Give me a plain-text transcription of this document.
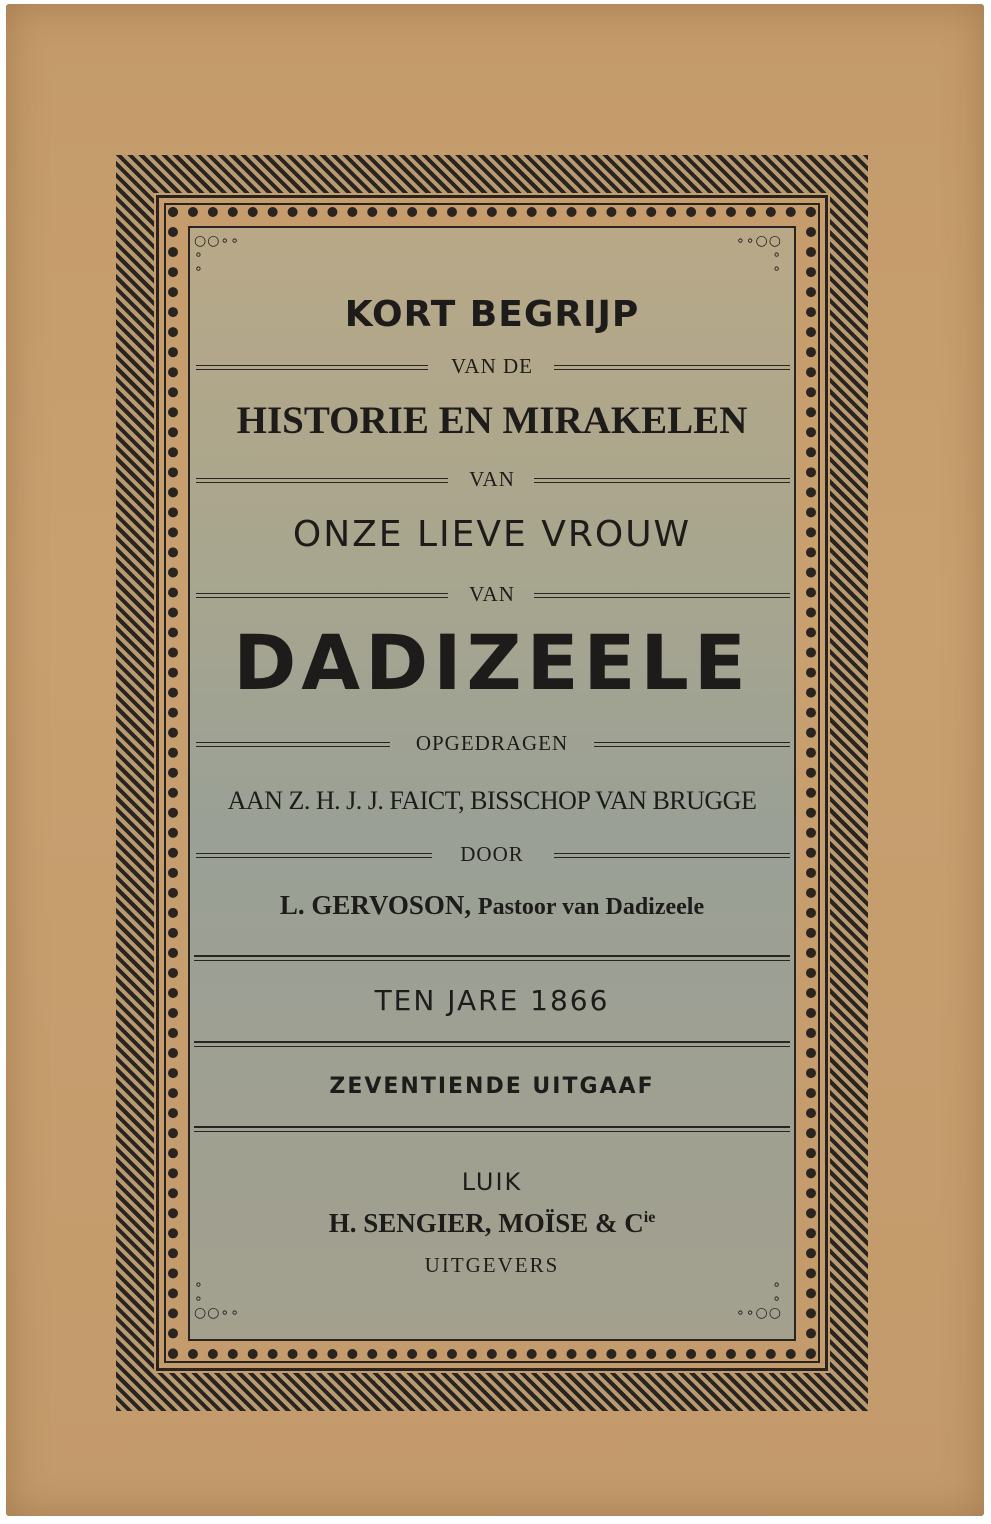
○○∘∘
∘
∘
∘∘○○
∘
∘
∘
∘
○○∘∘
∘
∘
∘∘○○
KORT BEGRIJP
VAN DE
HISTORIE EN MIRAKELEN
VAN
ONZE LIEVE VROUW
VAN
DADIZEELE
OPGEDRAGEN
AAN Z. H. J. J. FAICT, BISSCHOP VAN BRUGGE
DOOR
L. GERVOSON, Pastoor van Dadizeele
TEN JARE 1866
ZEVENTIENDE UITGAAF
LUIK
H. SENGIER, MOÏSE & $C^{ie}$
UITGEVERS
